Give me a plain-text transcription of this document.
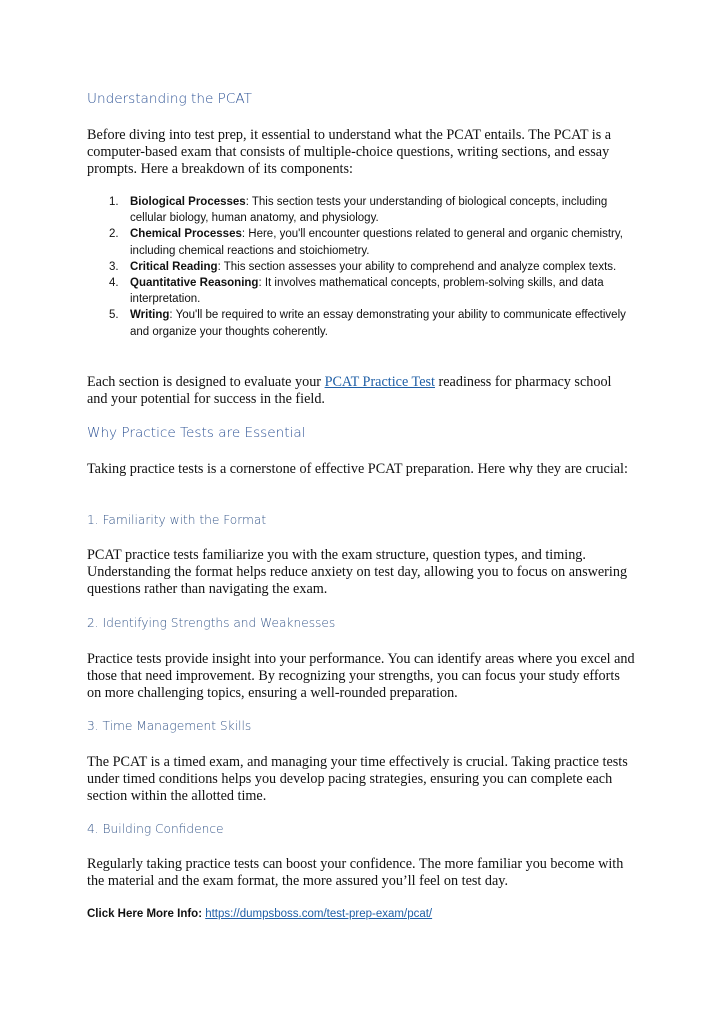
Understanding the PCAT

Before diving into test prep, it essential to understand what the PCAT entails. The PCAT is a computer-based exam that consists of multiple-choice questions, writing sections, and essay prompts. Here a breakdown of its components:

1. Biological Processes: This section tests your understanding of biological concepts, including cellular biology, human anatomy, and physiology.
2. Chemical Processes: Here, you'll encounter questions related to general and organic chemistry, including chemical reactions and stoichiometry.
3. Critical Reading: This section assesses your ability to comprehend and analyze complex texts.
4. Quantitative Reasoning: It involves mathematical concepts, problem-solving skills, and data interpretation.
5. Writing: You'll be required to write an essay demonstrating your ability to communicate effectively and organize your thoughts coherently.

Each section is designed to evaluate your PCAT Practice Test readiness for pharmacy school and your potential for success in the field.

Why Practice Tests are Essential

Taking practice tests is a cornerstone of effective PCAT preparation. Here why they are crucial:

1. Familiarity with the Format

PCAT practice tests familiarize you with the exam structure, question types, and timing. Understanding the format helps reduce anxiety on test day, allowing you to focus on answering questions rather than navigating the exam.

2. Identifying Strengths and Weaknesses

Practice tests provide insight into your performance. You can identify areas where you excel and those that need improvement. By recognizing your strengths, you can focus your study efforts on more challenging topics, ensuring a well-rounded preparation.

3. Time Management Skills

The PCAT is a timed exam, and managing your time effectively is crucial. Taking practice tests under timed conditions helps you develop pacing strategies, ensuring you can complete each section within the allotted time.

4. Building Confidence

Regularly taking practice tests can boost your confidence. The more familiar you become with the material and the exam format, the more assured you’ll feel on test day.

Click Here More Info: https://dumpsboss.com/test-prep-exam/pcat/
